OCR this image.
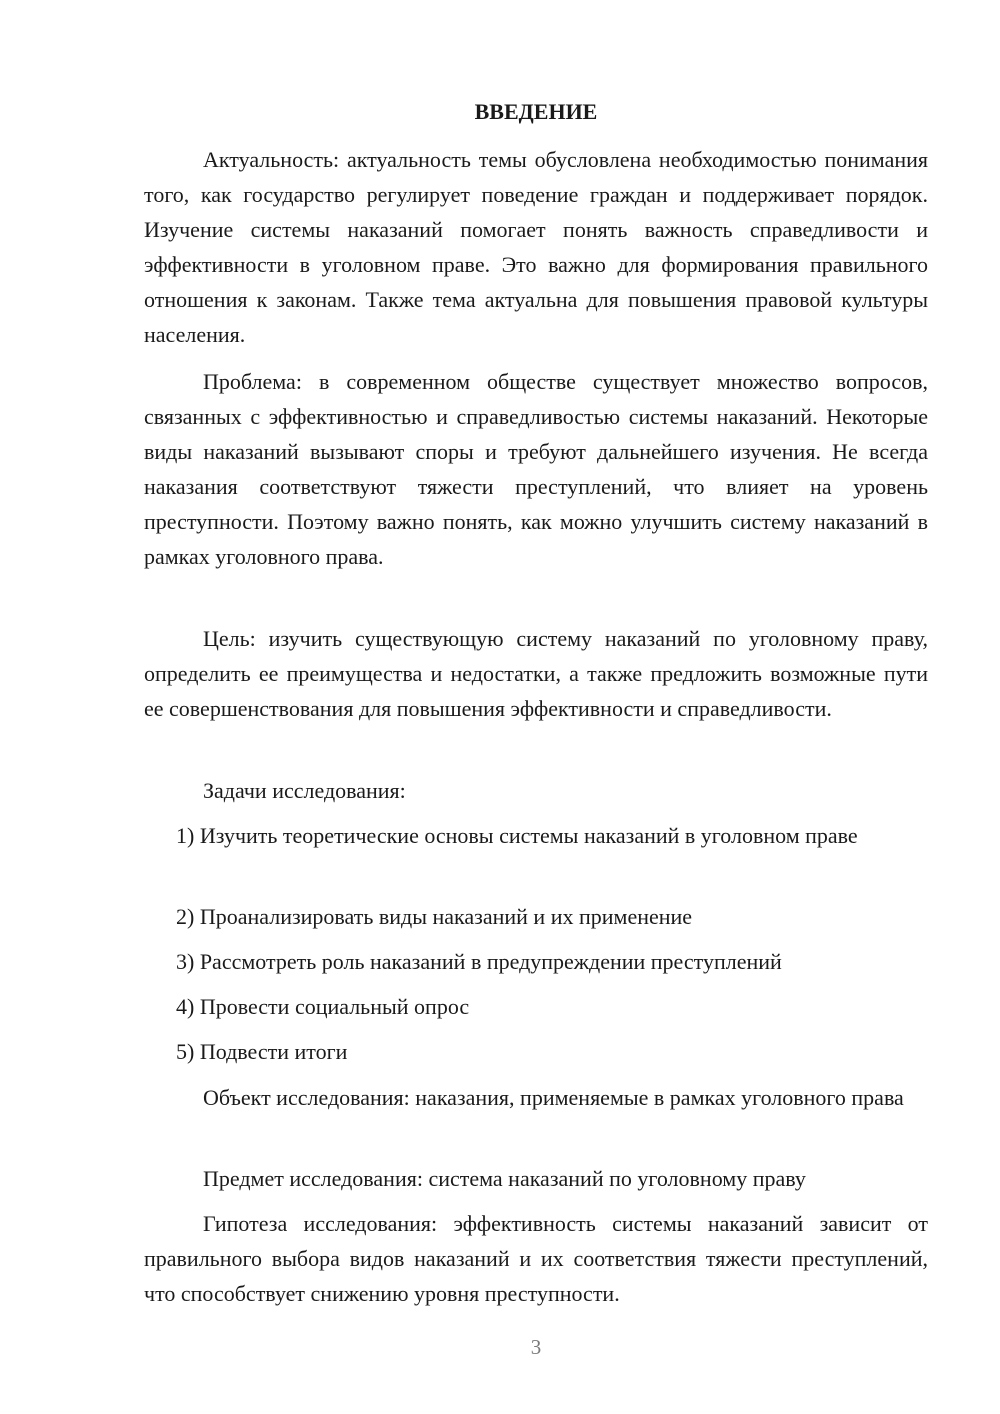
ВВЕДЕНИЕ

Актуальность: актуальность темы обусловлена необходимостью понимания того, как государство регулирует поведение граждан и поддерживает порядок. Изучение системы наказаний помогает понять важность справедливости и эффективности в уголовном праве. Это важно для формирования правильного отношения к законам. Также тема актуальна для повышения правовой культуры населения.

Проблема: в современном обществе существует множество вопросов, связанных с эффективностью и справедливостью системы наказаний. Некоторые виды наказаний вызывают споры и требуют дальнейшего изучения. Не всегда наказания соответствуют тяжести преступлений, что влияет на уровень преступности. Поэтому важно понять, как можно улучшить систему наказаний в рамках уголовного права.

Цель: изучить существующую систему наказаний по уголовному праву, определить ее преимущества и недостатки, а также предложить возможные пути ее совершенствования для повышения эффективности и справедливости.

Задачи исследования:

1) Изучить теоретические основы системы наказаний в уголовном праве

2) Проанализировать виды наказаний и их применение

3) Рассмотреть роль наказаний в предупреждении преступлений

4) Провести социальный опрос

5) Подвести итоги

Объект исследования: наказания, применяемые в рамках уголовного права

Предмет исследования: система наказаний по уголовному праву

Гипотеза исследования: эффективность системы наказаний зависит от правильного выбора видов наказаний и их соответствия тяжести преступлений, что способствует снижению уровня преступности.

3
